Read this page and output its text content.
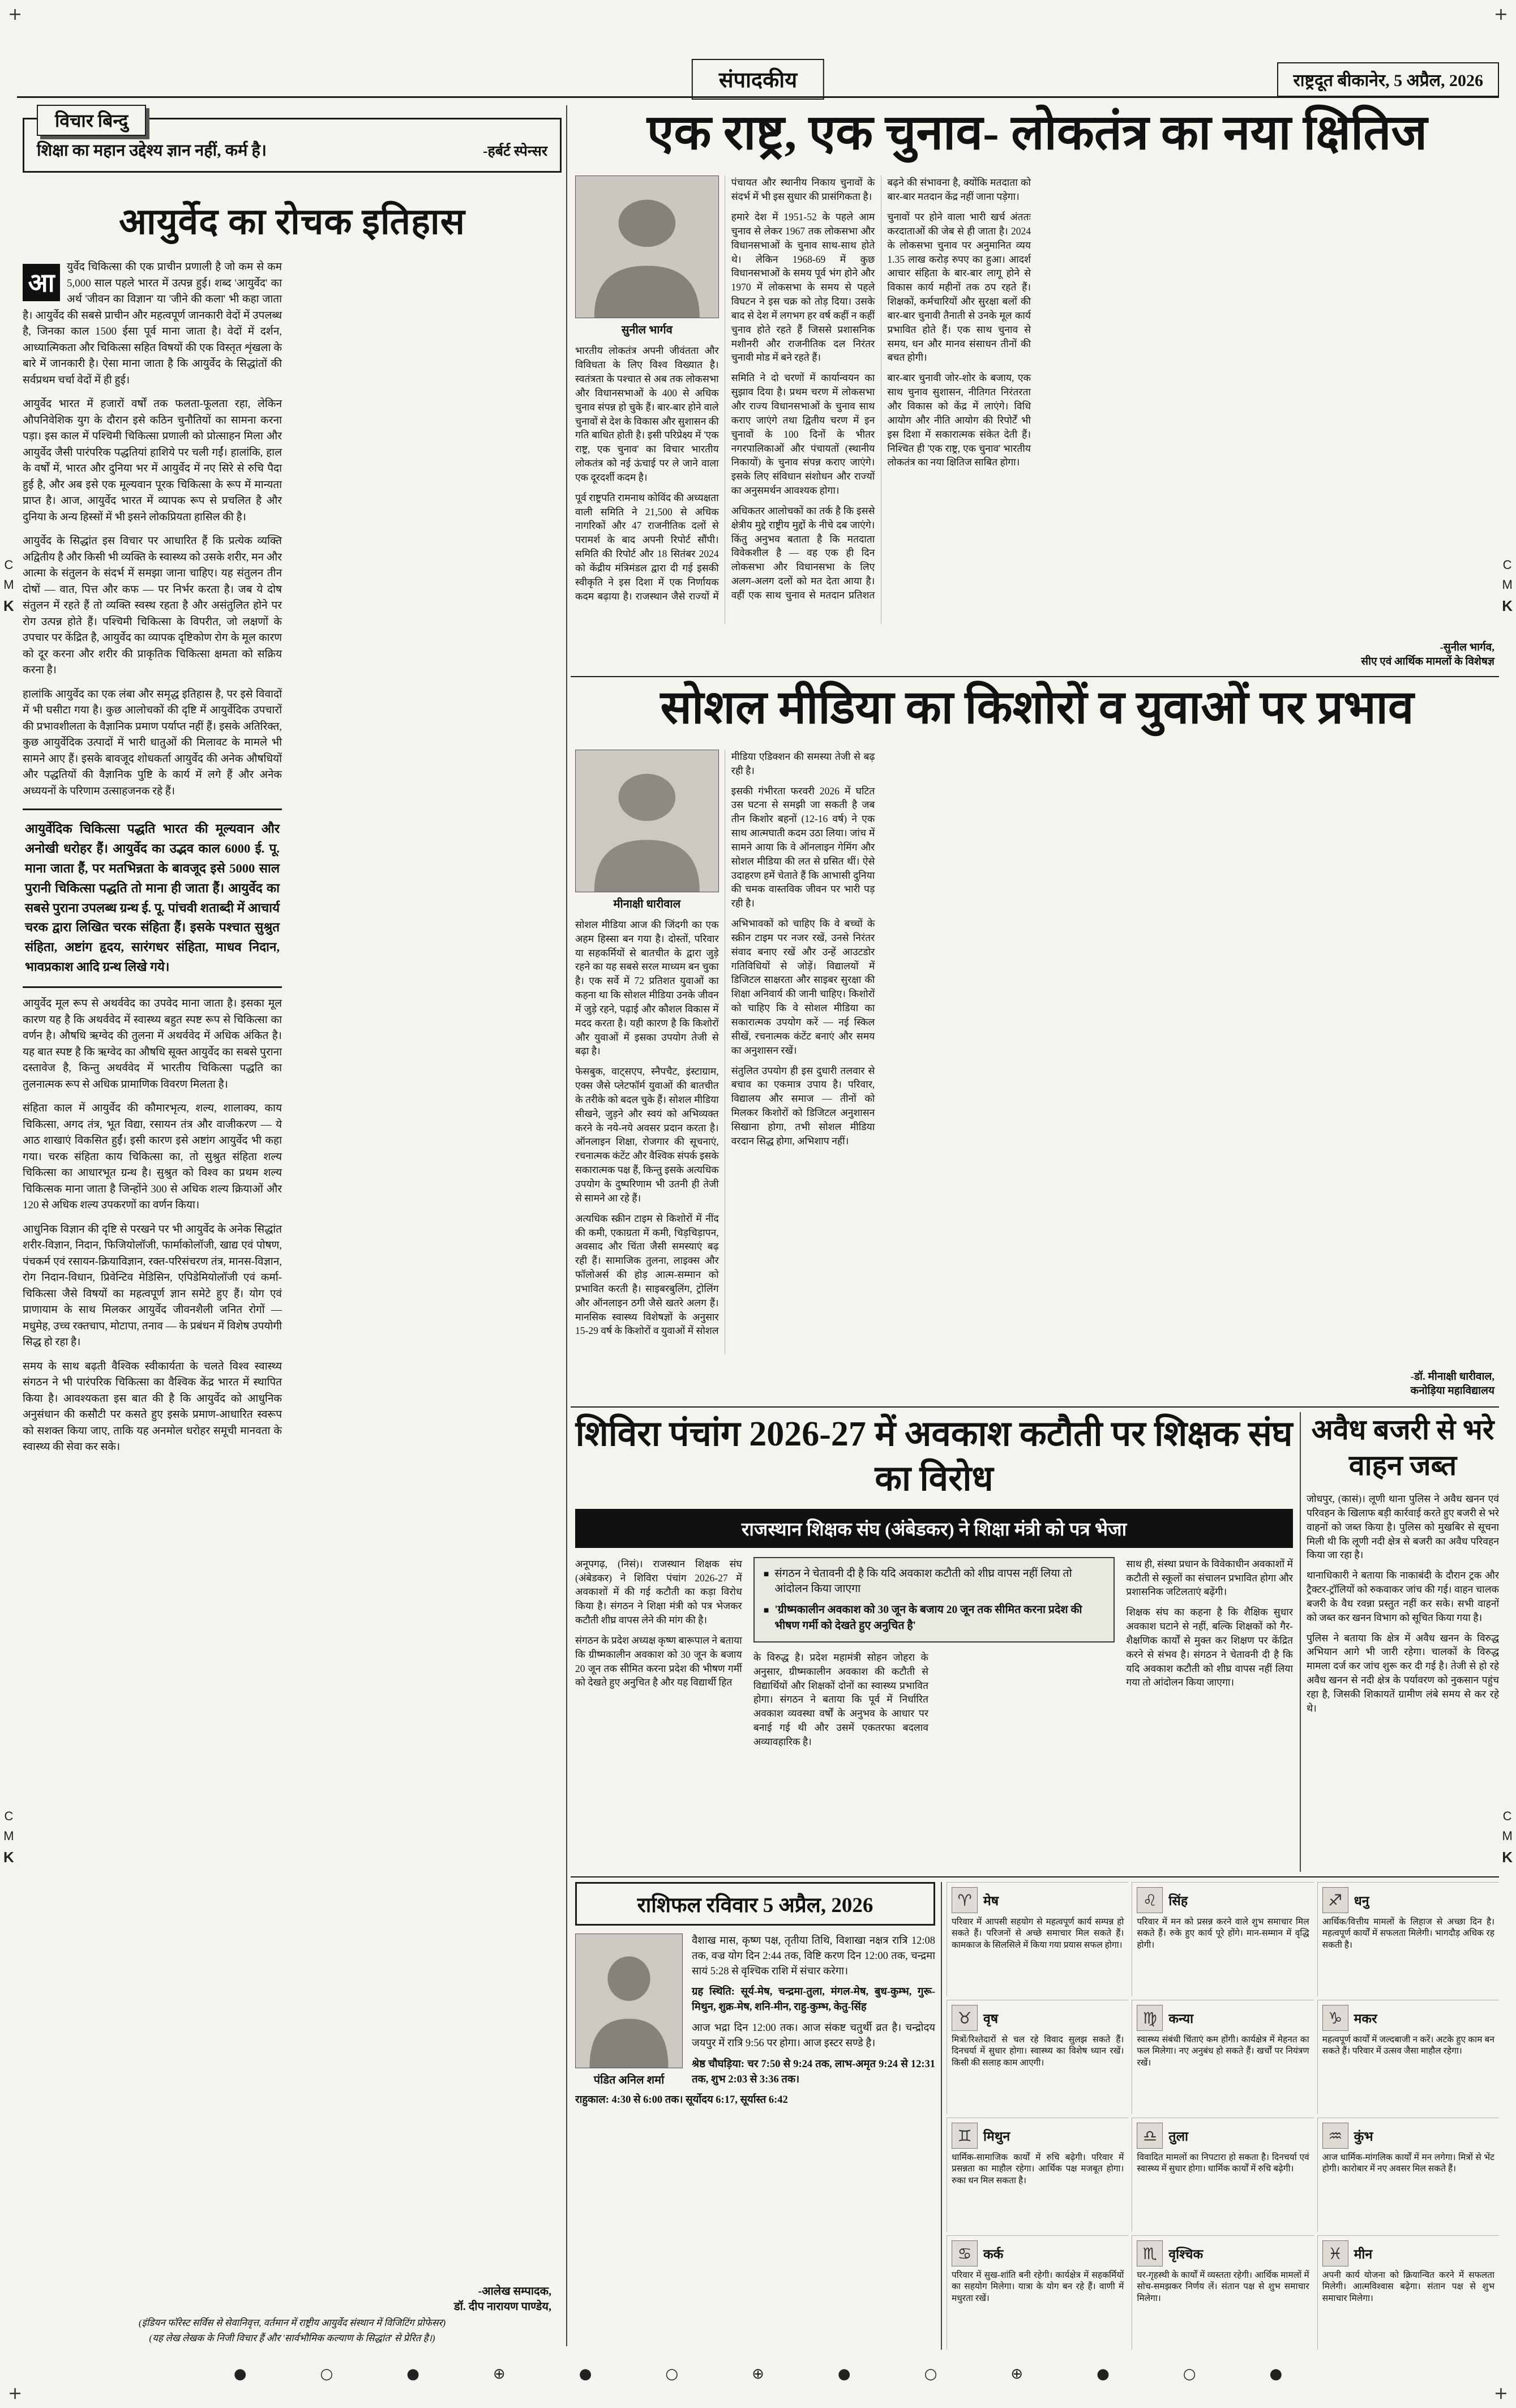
+	+
+	+
संपादकीय	राष्ट्रदूत बीकानेर, 5 अप्रैल, 2026
C
M
K
C
M
K
C
M
K
C
M
K
विचार बिन्दु
शिक्षा का महान उद्देश्य ज्ञान नहीं, कर्म है।	-हर्बर्ट स्पेन्सर
आयुर्वेद का रोचक इतिहास

आ
युर्वेद चिकित्सा की एक प्राचीन प्रणाली है जो कम से कम 5,000 साल पहले भारत में उत्पन्न हुई। शब्द 'आयुर्वेद' का अर्थ 'जीवन का विज्ञान' या 'जीने की कला' भी कहा जाता है। आयुर्वेद की सबसे प्राचीन और महत्वपूर्ण जानकारी वेदों में उपलब्ध है, जिनका काल 1500 ईसा पूर्व माना जाता है। वेदों में दर्शन, आध्यात्मिकता और चिकित्सा सहित विषयों की एक विस्तृत शृंखला के बारे में जानकारी है। ऐसा माना जाता है कि आयुर्वेद के सिद्धांतों की सर्वप्रथम चर्चा वेदों में ही हुई।

आयुर्वेद भारत में हजारों वर्षों तक फलता-फूलता रहा, लेकिन औपनिवेशिक युग के दौरान इसे कठिन चुनौतियों का सामना करना पड़ा। इस काल में पश्चिमी चिकित्सा प्रणाली को प्रोत्साहन मिला और आयुर्वेद जैसी पारंपरिक पद्धतियां हाशिये पर चली गईं। हालांकि, हाल के वर्षों में, भारत और दुनिया भर में आयुर्वेद में नए सिरे से रुचि पैदा हुई है, और अब इसे एक मूल्यवान पूरक चिकित्सा के रूप में मान्यता प्राप्त है। आज, आयुर्वेद भारत में व्यापक रूप से प्रचलित है और दुनिया के अन्य हिस्सों में भी इसने लोकप्रियता हासिल की है।

आयुर्वेद के सिद्धांत इस विचार पर आधारित हैं कि प्रत्येक व्यक्ति अद्वितीय है और किसी भी व्यक्ति के स्वास्थ्य को उसके शरीर, मन और आत्मा के संतुलन के संदर्भ में समझा जाना चाहिए। यह संतुलन तीन दोषों — वात, पित्त और कफ — पर निर्भर करता है। जब ये दोष संतुलन में रहते हैं तो व्यक्ति स्वस्थ रहता है और असंतुलित होने पर रोग उत्पन्न होते हैं। पश्चिमी चिकित्सा के विपरीत, जो लक्षणों के उपचार पर केंद्रित है, आयुर्वेद का व्यापक दृष्टिकोण रोग के मूल कारण को दूर करना और शरीर की प्राकृतिक चिकित्सा क्षमता को सक्रिय करना है।

हालांकि आयुर्वेद का एक लंबा और समृद्ध इतिहास है, पर इसे विवादों में भी घसीटा गया है। कुछ आलोचकों की दृष्टि में आयुर्वेदिक उपचारों की प्रभावशीलता के वैज्ञानिक प्रमाण पर्याप्त नहीं हैं। इसके अतिरिक्त, कुछ आयुर्वेदिक उत्पादों में भारी धातुओं की मिलावट के मामले भी सामने आए हैं। इसके बावजूद शोधकर्ता आयुर्वेद की अनेक औषधियों और पद्धतियों की वैज्ञानिक पुष्टि के कार्य में लगे हैं और अनेक अध्ययनों के परिणाम उत्साहजनक रहे हैं।

आयुर्वेदिक चिकित्सा पद्धति भारत की मूल्यवान और अनोखी धरोहर हैं। आयुर्वेद का उद्भव काल 6000 ई. पू. माना जाता हैं, पर मतभिन्नता के बावजूद इसे 5000 साल पुरानी चिकित्सा पद्धति तो माना ही जाता हैं। आयुर्वेद का सबसे पुराना उपलब्ध ग्रन्थ ई. पू. पांचवी शताब्दी में आचार्य चरक द्वारा लिखित चरक संहिता हैं। इसके पश्चात सुश्रुत संहिता, अष्टांग हृदय, सारंगधर संहिता, माधव निदान, भावप्रकाश आदि ग्रन्थ लिखे गये।

आयुर्वेद मूल रूप से अथर्ववेद का उपवेद माना जाता है। इसका मूल कारण यह है कि अथर्ववेद में स्वास्थ्य बहुत स्पष्ट रूप से चिकित्सा का वर्णन है। औषधि ऋग्वेद की तुलना में अथर्ववेद में अधिक अंकित है। यह बात स्पष्ट है कि ऋग्वेद का औषधि सूक्त आयुर्वेद का सबसे पुराना दस्तावेज है, किन्तु अथर्ववेद में भारतीय चिकित्सा पद्धति का तुलनात्मक रूप से अधिक प्रामाणिक विवरण मिलता है।

संहिता काल में आयुर्वेद की कौमारभृत्य, शल्य, शालाक्य, काय चिकित्सा, अगद तंत्र, भूत विद्या, रसायन तंत्र और वाजीकरण — ये आठ शाखाएं विकसित हुईं। इसी कारण इसे अष्टांग आयुर्वेद भी कहा गया। चरक संहिता काय चिकित्सा का, तो सुश्रुत संहिता शल्य चिकित्सा का आधारभूत ग्रन्थ है। सुश्रुत को विश्व का प्रथम शल्य चिकित्सक माना जाता है जिन्होंने 300 से अधिक शल्य क्रियाओं और 120 से अधिक शल्य उपकरणों का वर्णन किया।

आधुनिक विज्ञान की दृष्टि से परखने पर भी आयुर्वेद के अनेक सिद्धांत शरीर-विज्ञान, निदान, फिजियोलॉजी, फार्माकोलॉजी, खाद्य एवं पोषण, पंचकर्म एवं रसायन-क्रियाविज्ञान, रक्त-परिसंचरण तंत्र, मानस-विज्ञान, रोग निदान-विधान, प्रिवेन्टिव मेडिसिन, एपिडेमियोलॉजी एवं कर्मा-चिकित्सा जैसे विषयों का महत्वपूर्ण ज्ञान समेटे हुए हैं। योग एवं प्राणायाम के साथ मिलकर आयुर्वेद जीवनशैली जनित रोगों — मधुमेह, उच्च रक्तचाप, मोटापा, तनाव — के प्रबंधन में विशेष उपयोगी सिद्ध हो रहा है।

समय के साथ बढ़ती वैश्विक स्वीकार्यता के चलते विश्व स्वास्थ्य संगठन ने भी पारंपरिक चिकित्सा का वैश्विक केंद्र भारत में स्थापित किया है। आवश्यकता इस बात की है कि आयुर्वेद को आधुनिक अनुसंधान की कसौटी पर कसते हुए इसके प्रमाण-आधारित स्वरूप को सशक्त किया जाए, ताकि यह अनमोल धरोहर समूची मानवता के स्वास्थ्य की सेवा कर सके।

-आलेख सम्पादक,
डॉ. दीप नारायण पाण्डेय,
(इंडियन फॉरेस्ट सर्विस से सेवानिवृत्त, वर्तमान में राष्ट्रीय आयुर्वेद संस्थान में विजिटिंग प्रोफेसर)
(यह लेख लेखक के निजी विचार हैं और 'सार्वभौमिक कल्याण के सिद्धांत' से प्रेरित है।)
एक राष्ट्र, एक चुनाव- लोकतंत्र का नया क्षितिज
सुनील भार्गव

भारतीय लोकतंत्र अपनी जीवंतता और विविधता के लिए विश्व विख्यात है। स्वतंत्रता के पश्चात से अब तक लोकसभा और विधानसभाओं के 400 से अधिक चुनाव संपन्न हो चुके हैं। बार-बार होने वाले चुनावों से देश के विकास और सुशासन की गति बाधित होती है। इसी परिप्रेक्ष्य में 'एक राष्ट्र, एक चुनाव' का विचार भारतीय लोकतंत्र को नई ऊंचाई पर ले जाने वाला एक दूरदर्शी कदम है।

पूर्व राष्ट्रपति रामनाथ कोविंद की अध्यक्षता वाली समिति ने 21,500 से अधिक नागरिकों और 47 राजनीतिक दलों से परामर्श के बाद अपनी रिपोर्ट सौंपी। समिति की रिपोर्ट और 18 सितंबर 2024 को केंद्रीय मंत्रिमंडल द्वारा दी गई इसकी स्वीकृति ने इस दिशा में एक निर्णायक कदम बढ़ाया है। राजस्थान जैसे राज्यों में पंचायत और स्थानीय निकाय चुनावों के संदर्भ में भी इस सुधार की प्रासंगिकता है।

हमारे देश में 1951-52 के पहले आम चुनाव से लेकर 1967 तक लोकसभा और विधानसभाओं के चुनाव साथ-साथ होते थे। लेकिन 1968-69 में कुछ विधानसभाओं के समय पूर्व भंग होने और 1970 में लोकसभा के समय से पहले विघटन ने इस चक्र को तोड़ दिया। उसके बाद से देश में लगभग हर वर्ष कहीं न कहीं चुनाव होते रहते हैं जिससे प्रशासनिक मशीनरी और राजनीतिक दल निरंतर चुनावी मोड में बने रहते हैं।

समिति ने दो चरणों में कार्यान्वयन का सुझाव दिया है। प्रथम चरण में लोकसभा और राज्य विधानसभाओं के चुनाव साथ कराए जाएंगे तथा द्वितीय चरण में इन चुनावों के 100 दिनों के भीतर नगरपालिकाओं और पंचायतों (स्थानीय निकायों) के चुनाव संपन्न कराए जाएंगे। इसके लिए संविधान संशोधन और राज्यों का अनुसमर्थन आवश्यक होगा।

अधिकतर आलोचकों का तर्क है कि इससे क्षेत्रीय मुद्दे राष्ट्रीय मुद्दों के नीचे दब जाएंगे। किंतु अनुभव बताता है कि मतदाता विवेकशील है — वह एक ही दिन लोकसभा और विधानसभा के लिए अलग-अलग दलों को मत देता आया है। वहीं एक साथ चुनाव से मतदान प्रतिशत बढ़ने की संभावना है, क्योंकि मतदाता को बार-बार मतदान केंद्र नहीं जाना पड़ेगा।

चुनावों पर होने वाला भारी खर्च अंततः करदाताओं की जेब से ही जाता है। 2024 के लोकसभा चुनाव पर अनुमानित व्यय 1.35 लाख करोड़ रुपए का हुआ। आदर्श आचार संहिता के बार-बार लागू होने से विकास कार्य महीनों तक ठप रहते हैं। शिक्षकों, कर्मचारियों और सुरक्षा बलों की बार-बार चुनावी तैनाती से उनके मूल कार्य प्रभावित होते हैं। एक साथ चुनाव से समय, धन और मानव संसाधन तीनों की बचत होगी।

बार-बार चुनावी जोर-शोर के बजाय, एक साथ चुनाव सुशासन, नीतिगत निरंतरता और विकास को केंद्र में लाएंगे। विधि आयोग और नीति आयोग की रिपोर्टें भी इस दिशा में सकारात्मक संकेत देती हैं। निश्चित ही 'एक राष्ट्र, एक चुनाव' भारतीय लोकतंत्र का नया क्षितिज साबित होगा।

-सुनील भार्गव,
सीए एवं आर्थिक मामलों के विशेषज्ञ
सोशल मीडिया का किशोरों व युवाओं पर प्रभाव
मीनाक्षी धारीवाल

सोशल मीडिया आज की जिंदगी का एक अहम हिस्सा बन गया है। दोस्तों, परिवार या सहकर्मियों से बातचीत के द्वारा जुड़े रहने का यह सबसे सरल माध्यम बन चुका है। एक सर्वे में 72 प्रतिशत युवाओं का कहना था कि सोशल मीडिया उनके जीवन में जुड़े रहने, पढ़ाई और कौशल विकास में मदद करता है। यही कारण है कि किशोरों और युवाओं में इसका उपयोग तेजी से बढ़ा है।

फेसबुक, वाट्सएप, स्नैपचैट, इंस्टाग्राम, एक्स जैसे प्लेटफॉर्म युवाओं की बातचीत के तरीके को बदल चुके हैं। सोशल मीडिया सीखने, जुड़ने और स्वयं को अभिव्यक्त करने के नये-नये अवसर प्रदान करता है। ऑनलाइन शिक्षा, रोजगार की सूचनाएं, रचनात्मक कंटेंट और वैश्विक संपर्क इसके सकारात्मक पक्ष हैं, किन्तु इसके अत्यधिक उपयोग के दुष्परिणाम भी उतनी ही तेजी से सामने आ रहे हैं।

अत्यधिक स्क्रीन टाइम से किशोरों में नींद की कमी, एकाग्रता में कमी, चिड़चिड़ापन, अवसाद और चिंता जैसी समस्याएं बढ़ रही हैं। सामाजिक तुलना, लाइक्स और फॉलोअर्स की होड़ आत्म-सम्मान को प्रभावित करती है। साइबरबुलिंग, ट्रोलिंग और ऑनलाइन ठगी जैसे खतरे अलग हैं। मानसिक स्वास्थ्य विशेषज्ञों के अनुसार 15-29 वर्ष के किशोरों व युवाओं में सोशल मीडिया एडिक्शन की समस्या तेजी से बढ़ रही है।

इसकी गंभीरता फरवरी 2026 में घटित उस घटना से समझी जा सकती है जब तीन किशोर बहनों (12-16 वर्ष) ने एक साथ आत्मघाती कदम उठा लिया। जांच में सामने आया कि वे ऑनलाइन गेमिंग और सोशल मीडिया की लत से ग्रसित थीं। ऐसे उदाहरण हमें चेताते हैं कि आभासी दुनिया की चमक वास्तविक जीवन पर भारी पड़ रही है।

अभिभावकों को चाहिए कि वे बच्चों के स्क्रीन टाइम पर नजर रखें, उनसे निरंतर संवाद बनाए रखें और उन्हें आउटडोर गतिविधियों से जोड़ें। विद्यालयों में डिजिटल साक्षरता और साइबर सुरक्षा की शिक्षा अनिवार्य की जानी चाहिए। किशोरों को चाहिए कि वे सोशल मीडिया का सकारात्मक उपयोग करें — नई स्किल सीखें, रचनात्मक कंटेंट बनाएं और समय का अनुशासन रखें।

संतुलित उपयोग ही इस दुधारी तलवार से बचाव का एकमात्र उपाय है। परिवार, विद्यालय और समाज — तीनों को मिलकर किशोरों को डिजिटल अनुशासन सिखाना होगा, तभी सोशल मीडिया वरदान सिद्ध होगा, अभिशाप नहीं।

-डॉ. मीनाक्षी धारीवाल,
कनोड़िया महाविद्यालय
शिविरा पंचांग 2026-27 में अवकाश कटौती पर शिक्षक संघ का विरोध
राजस्थान शिक्षक संघ (अंबेडकर) ने शिक्षा मंत्री को पत्र भेजा

अनूपगढ़, (निसं)। राजस्थान शिक्षक संघ (अंबेडकर) ने शिविरा पंचांग 2026-27 में अवकाशों में की गई कटौती का कड़ा विरोध किया है। संगठन ने शिक्षा मंत्री को पत्र भेजकर कटौती शीघ्र वापस लेने की मांग की है।

संगठन के प्रदेश अध्यक्ष कृष्ण बारूपाल ने बताया कि ग्रीष्मकालीन अवकाश को 30 जून के बजाय 20 जून तक सीमित करना प्रदेश की भीषण गर्मी को देखते हुए अनुचित है और यह विद्यार्थी हित

■ संगठन ने चेतावनी दी है कि यदि अवकाश कटौती को शीघ्र वापस नहीं लिया तो आंदोलन किया जाएगा

■ 'ग्रीष्मकालीन अवकाश को 30 जून के बजाय 20 जून तक सीमित करना प्रदेश की भीषण गर्मी को देखते हुए अनुचित है'

के विरुद्ध है। प्रदेश महामंत्री सोहन जोहरा के अनुसार, ग्रीष्मकालीन अवकाश की कटौती से विद्यार्थियों और शिक्षकों दोनों का स्वास्थ्य प्रभावित होगा। संगठन ने बताया कि पूर्व में निर्धारित अवकाश व्यवस्था वर्षों के अनुभव के आधार पर बनाई गई थी और उसमें एकतरफा बदलाव अव्यावहारिक है।

साथ ही, संस्था प्रधान के विवेकाधीन अवकाशों में कटौती से स्कूलों का संचालन प्रभावित होगा और प्रशासनिक जटिलताएं बढ़ेंगी।

शिक्षक संघ का कहना है कि शैक्षिक सुधार अवकाश घटाने से नहीं, बल्कि शिक्षकों को गैर-शैक्षणिक कार्यों से मुक्त कर शिक्षण पर केंद्रित करने से संभव है। संगठन ने चेतावनी दी है कि यदि अवकाश कटौती को शीघ्र वापस नहीं लिया गया तो आंदोलन किया जाएगा।

अवैध बजरी से भरे वाहन जब्त

जोधपुर, (कासं)। लूणी थाना पुलिस ने अवैध खनन एवं परिवहन के खिलाफ बड़ी कार्रवाई करते हुए बजरी से भरे वाहनों को जब्त किया है। पुलिस को मुखबिर से सूचना मिली थी कि लूणी नदी क्षेत्र से बजरी का अवैध परिवहन किया जा रहा है।

थानाधिकारी ने बताया कि नाकाबंदी के दौरान ट्रक और ट्रैक्टर-ट्रॉलियों को रुकवाकर जांच की गई। वाहन चालक बजरी के वैध रवन्ना प्रस्तुत नहीं कर सके। सभी वाहनों को जब्त कर खनन विभाग को सूचित किया गया है।

पुलिस ने बताया कि क्षेत्र में अवैध खनन के विरुद्ध अभियान आगे भी जारी रहेगा। चालकों के विरुद्ध मामला दर्ज कर जांच शुरू कर दी गई है। तेजी से हो रहे अवैध खनन से नदी क्षेत्र के पर्यावरण को नुकसान पहुंच रहा है, जिसकी शिकायतें ग्रामीण लंबे समय से कर रहे थे।

राशिफल रविवार 5 अप्रैल, 2026
पंडित अनिल शर्मा

वैशाख मास, कृष्ण पक्ष, तृतीया तिथि, विशाखा नक्षत्र रात्रि 12:08 तक, वज्र योग दिन 2:44 तक, विष्टि करण दिन 12:00 तक, चन्द्रमा सायं 5:28 से वृश्चिक राशि में संचार करेगा।

ग्रह स्थिति: सूर्य-मेष, चन्द्रमा-तुला, मंगल-मेष, बुध-कुम्भ, गुरू-मिथुन, शुक्र-मेष, शनि-मीन, राहु-कुम्भ, केतु-सिंह

आज भद्रा दिन 12:00 तक। आज संकष्ट चतुर्थी व्रत है। चन्द्रोदय जयपुर में रात्रि 9:56 पर होगा। आज इस्टर सण्डे है।

श्रेष्ठ चौघड़िया: चर 7:50 से 9:24 तक, लाभ-अमृत 9:24 से 12:31 तक, शुभ 2:03 से 3:36 तक।

राहुकाल: 4:30 से 6:00 तक। सूर्योदय 6:17, सूर्यास्त 6:42

♈ मेष
परिवार में आपसी सहयोग से महत्वपूर्ण कार्य सम्पन्न हो सकते हैं। परिजनों से अच्छे समाचार मिल सकते हैं। कामकाज के सिलसिले में किया गया प्रयास सफल होगा।
♉ वृष
मित्रों/रिश्तेदारों से चल रहे विवाद सुलझ सकते हैं। दिनचर्या में सुधार होगा। स्वास्थ्य का विशेष ध्यान रखें। किसी की सलाह काम आएगी।
♊ मिथुन
धार्मिक-सामाजिक कार्यों में रुचि बढ़ेगी। परिवार में प्रसन्नता का माहौल रहेगा। आर्थिक पक्ष मजबूत होगा। रुका धन मिल सकता है।
♋ कर्क
परिवार में सुख-शांति बनी रहेगी। कार्यक्षेत्र में सहकर्मियों का सहयोग मिलेगा। यात्रा के योग बन रहे हैं। वाणी में मधुरता रखें।
♌ सिंह
परिवार में मन को प्रसन्न करने वाले शुभ समाचार मिल सकते हैं। रुके हुए कार्य पूरे होंगे। मान-सम्मान में वृद्धि होगी।
♍ कन्या
स्वास्थ्य संबंधी चिंताएं कम होंगी। कार्यक्षेत्र में मेहनत का फल मिलेगा। नए अनुबंध हो सकते हैं। खर्चों पर नियंत्रण रखें।
♎ तुला
विवादित मामलों का निपटारा हो सकता है। दिनचर्या एवं स्वास्थ्य में सुधार होगा। धार्मिक कार्यों में रुचि बढ़ेगी।
♏ वृश्चिक
घर-गृहस्थी के कार्यों में व्यस्तता रहेगी। आर्थिक मामलों में सोच-समझकर निर्णय लें। संतान पक्ष से शुभ समाचार मिलेगा।
♐ धनु
आर्थिक/वित्तीय मामलों के लिहाज से अच्छा दिन है। महत्वपूर्ण कार्यों में सफलता मिलेगी। भागदौड़ अधिक रह सकती है।
♑ मकर
महत्वपूर्ण कार्यों में जल्दबाजी न करें। अटके हुए काम बन सकते हैं। परिवार में उत्सव जैसा माहौल रहेगा।
♒ कुंभ
आज धार्मिक-मांगलिक कार्यों में मन लगेगा। मित्रों से भेंट होगी। कारोबार में नए अवसर मिल सकते हैं।
♓ मीन
अपनी कार्य योजना को क्रियान्वित करने में सफलता मिलेगी। आत्मविश्वास बढ़ेगा। संतान पक्ष से शुभ समाचार मिलेगा।
●	○	●	⊕	●	○	⊕	●	○	⊕	●	○	●
